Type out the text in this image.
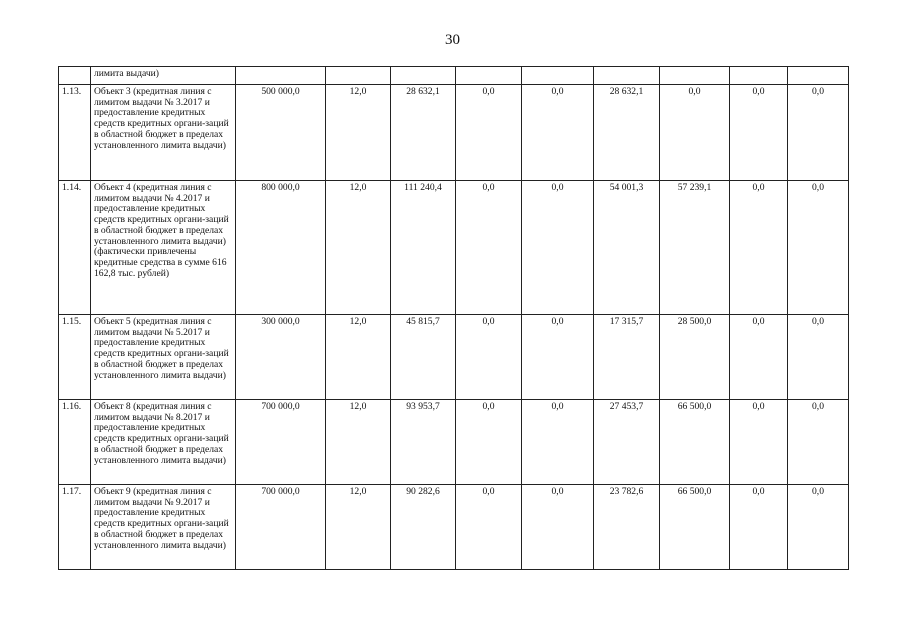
30
	лимита выдачи)									
1.13.	Объект 3 (кредитная линия с лимитом выдачи № 3.2017 и предоставление кредитных средств кредитных органи-заций в областной бюджет в пределах установленного лимита выдачи)	500 000,0	12,0	28 632,1	0,0	0,0	28 632,1	0,0	0,0	0,0
1.14.	Объект 4 (кредитная линия с лимитом выдачи № 4.2017 и предоставление кредитных средств кредитных органи-заций в областной бюджет в пределах установленного лимита выдачи) (фактически привлечены кредитные средства в сумме 616 162,8 тыс. рублей)	800 000,0	12,0	111 240,4	0,0	0,0	54 001,3	57 239,1	0,0	0,0
1.15.	Объект 5 (кредитная линия с лимитом выдачи № 5.2017 и предоставление кредитных средств кредитных органи-заций в областной бюджет в пределах установленного лимита выдачи)	300 000,0	12,0	45 815,7	0,0	0,0	17 315,7	28 500,0	0,0	0,0
1.16.	Объект 8 (кредитная линия с лимитом выдачи № 8.2017 и предоставление кредитных средств кредитных органи-заций в областной бюджет в пределах установленного лимита выдачи)	700 000,0	12,0	93 953,7	0,0	0,0	27 453,7	66 500,0	0,0	0,0
1.17.	Объект 9 (кредитная линия с лимитом выдачи № 9.2017 и предоставление кредитных средств кредитных органи-заций в областной бюджет в пределах установленного лимита выдачи)	700 000,0	12,0	90 282,6	0,0	0,0	23 782,6	66 500,0	0,0	0,0
